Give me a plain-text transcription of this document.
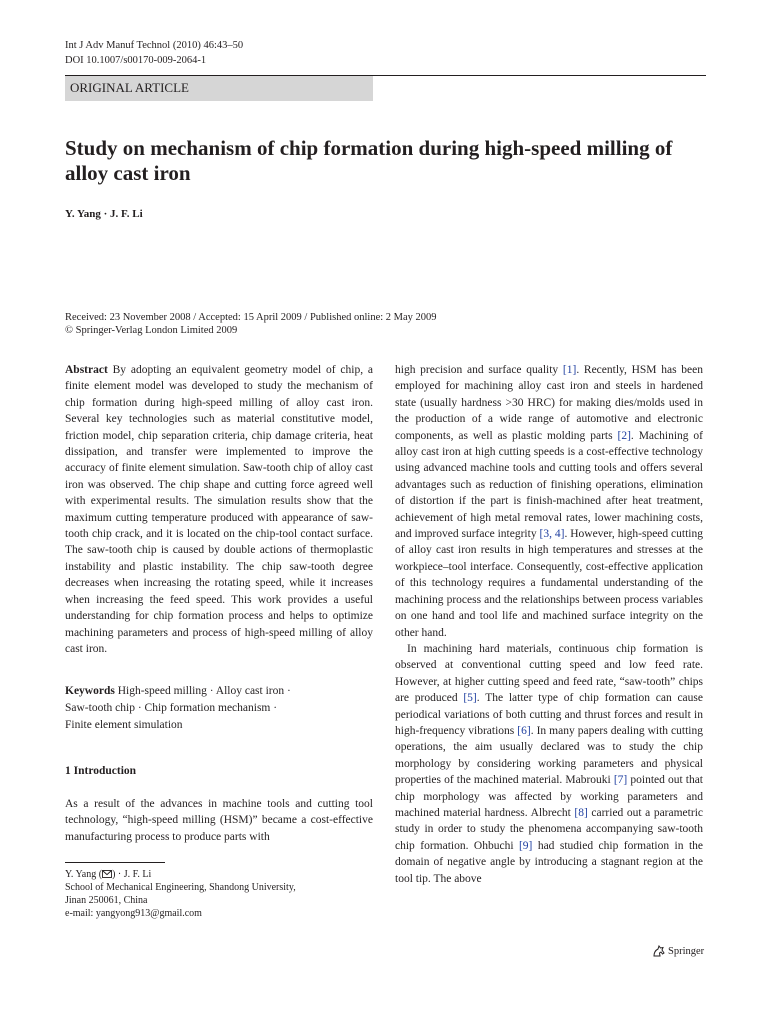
Int J Adv Manuf Technol (2010) 46:43–50
DOI 10.1007/s00170-009-2064-1
ORIGINAL ARTICLE
Study on mechanism of chip formation during high-speed milling of alloy cast iron
Y. Yang · J. F. Li
Received: 23 November 2008 / Accepted: 15 April 2009 / Published online: 2 May 2009
© Springer-Verlag London Limited 2009

Abstract By adopting an equivalent geometry model of chip, a finite element model was developed to study the mechanism of chip formation during high-speed milling of alloy cast iron. Several key technologies such as material constitutive model, friction model, chip separation criteria, chip damage criteria, heat dissipation, and transfer were implemented to improve the accuracy of finite element simulation. Saw-tooth chip of alloy cast iron was observed. The chip shape and cutting force agreed well with experimental results. The simulation results show that the maximum cutting temperature produced with appearance of saw-tooth chip crack, and it is located on the chip-tool contact surface. The saw-tooth chip is caused by double actions of thermoplastic instability and plastic instability. The chip saw-tooth degree decreases when increasing the rotating speed, while it increases when increasing the feed speed. This work provides a useful understanding for chip formation process and helps to optimize machining parameters and process of high-speed milling of alloy cast iron.

Keywords High-speed milling · Alloy cast iron ·
Saw-tooth chip · Chip formation mechanism ·
Finite element simulation
1 Introduction

As a result of the advances in machine tools and cutting tool technology, “high-speed milling (HSM)” became a cost-effective manufacturing process to produce parts with

Y. Yang ( ) · J. F. Li
School of Mechanical Engineering, Shandong University,
Jinan 250061, China
e-mail: yangyong913@gmail.com

high precision and surface quality [1]. Recently, HSM has been employed for machining alloy cast iron and steels in hardened state (usually hardness >30 HRC) for making dies/molds used in the production of a wide range of automotive and electronic components, as well as plastic molding parts [2]. Machining of alloy cast iron at high cutting speeds is a cost-effective technology using advanced machine tools and cutting tools and offers several advantages such as reduction of finishing operations, elimination of distortion if the part is finish-machined after heat treatment, achievement of high metal removal rates, lower machining costs, and improved surface integrity [3, 4]. However, high-speed cutting of alloy cast iron results in high temperatures and stresses at the workpiece–tool interface. Consequently, cost-effective application of this technology requires a fundamental understanding of the machining process and the relationships between process variables on one hand and tool life and machined surface integrity on the other hand.

In machining hard materials, continuous chip formation is observed at conventional cutting speed and low feed rate. However, at higher cutting speed and feed rate, “saw-tooth” chips are produced [5]. The latter type of chip formation can cause periodical variations of both cutting and thrust forces and result in high-frequency vibrations [6]. In many papers dealing with cutting operations, the aim usually declared was to study the chip morphology by considering working parameters and physical properties of the machined material. Mabrouki [7] pointed out that chip morphology was affected by working parameters and machined material hardness. Albrecht [8] carried out a parametric study in order to study the phenomena accompanying saw-tooth chip formation. Ohbuchi [9] had studied chip formation in the domain of negative angle by introducing a stagnant region at the tool tip. The above

Springer
